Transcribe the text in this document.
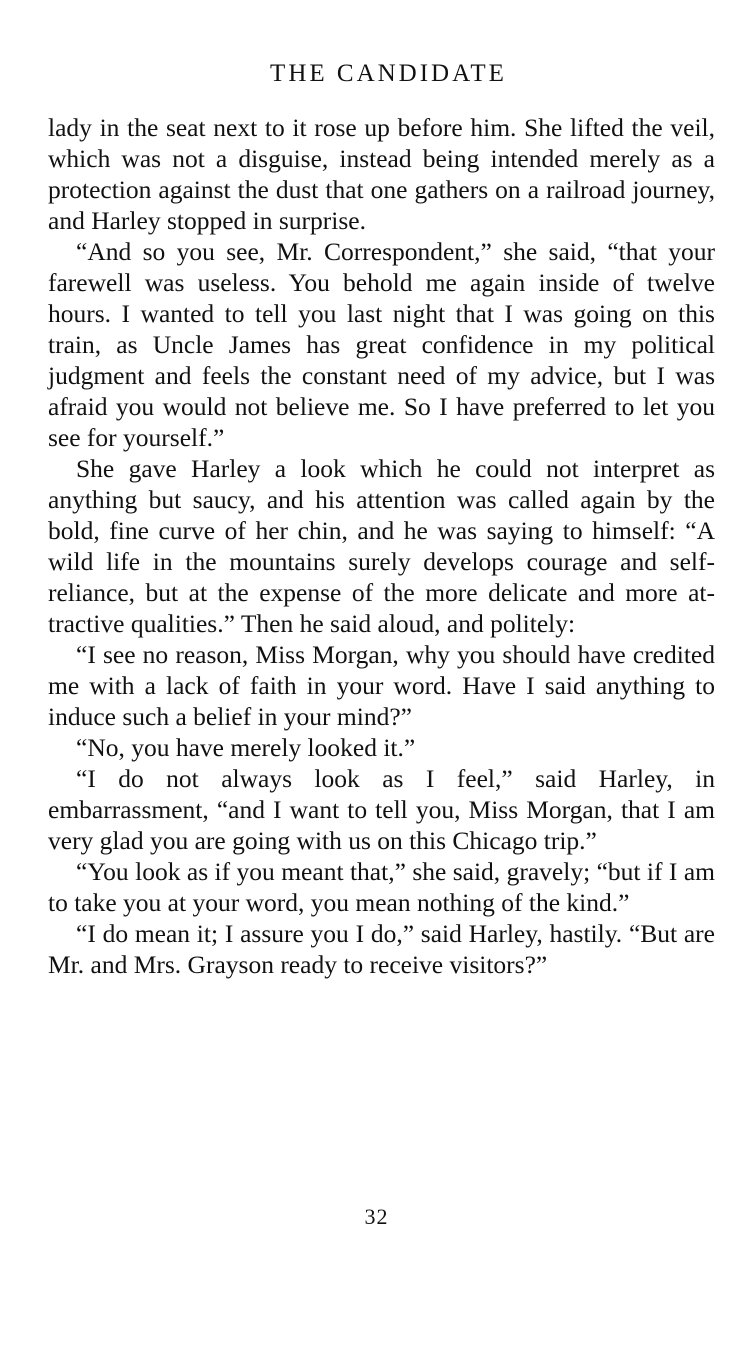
THE CANDIDATE

lady in the seat next to it rose up before him. She lifted the veil, which was not a disguise, instead being intended merely as a protection against the dust that one gathers on a railroad journey, and Harley stopped in surprise.

“And so you see, Mr. Correspondent,” she said, “that your farewell was useless. You behold me again inside of twelve hours. I wanted to tell you last night that I was going on this train, as Uncle James has great confidence in my political judgment and feels the constant need of my advice, but I was afraid you would not believe me. So I have preferred to let you see for yourself.”

She gave Harley a look which he could not interpret as anything but saucy, and his attention was called again by the bold, fine curve of her chin, and he was saying to himself: “A wild life in the mountains surely develops courage and self-reliance, but at the expense of the more delicate and more attractive qualities.” Then he said aloud, and politely:

“I see no reason, Miss Morgan, why you should have credited me with a lack of faith in your word. Have I said anything to induce such a belief in your mind?”

“No, you have merely looked it.”

“I do not always look as I feel,” said Harley, in embarrassment, “and I want to tell you, Miss Morgan, that I am very glad you are going with us on this Chicago trip.”

“You look as if you meant that,” she said, gravely; “but if I am to take you at your word, you mean nothing of the kind.”

“I do mean it; I assure you I do,” said Harley, hastily. “But are Mr. and Mrs. Grayson ready to receive visitors?”

32
